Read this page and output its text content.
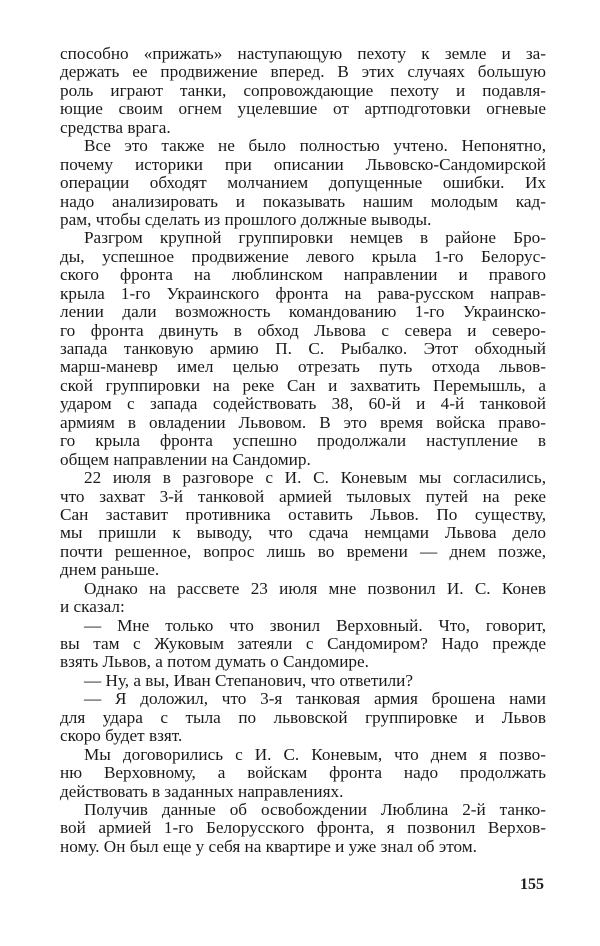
способно «прижать» наступающую пехоту к земле и за-
держать ее продвижение вперед. В этих случаях большую
роль играют танки, сопровождающие пехоту и подавля-
ющие своим огнем уцелевшие от артподготовки огневые
средства врага.
Все это также не было полностью учтено. Непонятно,
почему историки при описании Львовско-Сандомирской
операции обходят молчанием допущенные ошибки. Их
надо анализировать и показывать нашим молодым кад-
рам, чтобы сделать из прошлого должные выводы.
Разгром крупной группировки немцев в районе Бро-
ды, успешное продвижение левого крыла 1-го Белорус-
ского фронта на люблинском направлении и правого
крыла 1-го Украинского фронта на рава-русском направ-
лении дали возможность командованию 1-го Украинско-
го фронта двинуть в обход Львова с севера и северо-
запада танковую армию П. С. Рыбалко. Этот обходный
марш-маневр имел целью отрезать путь отхода львов-
ской группировки на реке Сан и захватить Перемышль, а
ударом с запада содействовать 38, 60-й и 4-й танковой
армиям в овладении Львовом. В это время войска право-
го крыла фронта успешно продолжали наступление в
общем направлении на Сандомир.
22 июля в разговоре с И. С. Коневым мы согласились,
что захват 3-й танковой армией тыловых путей на реке
Сан заставит противника оставить Львов. По существу,
мы пришли к выводу, что сдача немцами Львова дело
почти решенное, вопрос лишь во времени — днем позже,
днем раньше.
Однако на рассвете 23 июля мне позвонил И. С. Конев
и сказал:
— Мне только что звонил Верховный. Что, говорит,
вы там с Жуковым затеяли с Сандомиром? Надо прежде
взять Львов, а потом думать о Сандомире.
— Ну, а вы, Иван Степанович, что ответили?
— Я доложил, что 3-я танковая армия брошена нами
для удара с тыла по львовской группировке и Львов
скоро будет взят.
Мы договорились с И. С. Коневым, что днем я позво-
ню Верховному, а войскам фронта надо продолжать
действовать в заданных направлениях.
Получив данные об освобождении Люблина 2-й танко-
вой армией 1-го Белорусского фронта, я позвонил Верхов-
ному. Он был еще у себя на квартире и уже знал об этом.
155
